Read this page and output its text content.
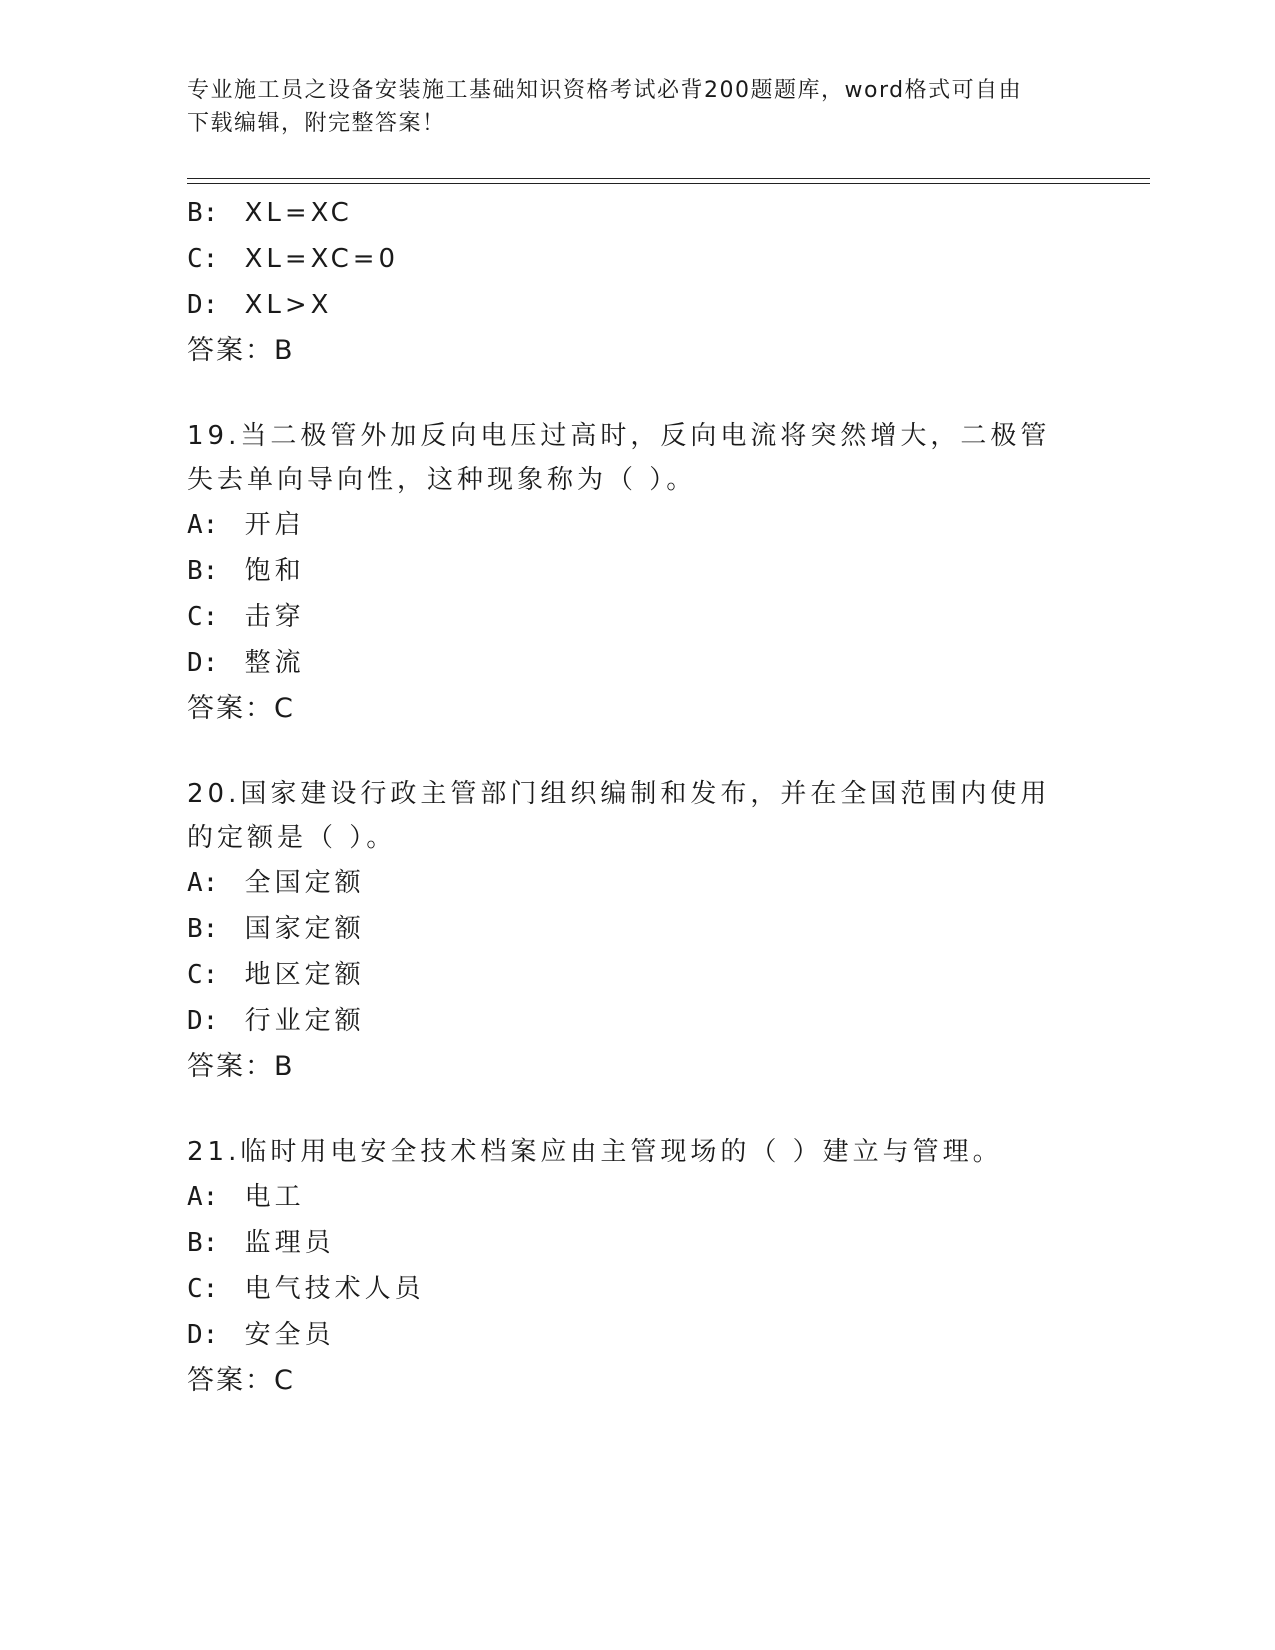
专业施工员之设备安装施工基础知识资格考试必背200题题库，word格式可自由
下载编辑，附完整答案！
B: XL=XC
C: XL=XC=0
D: XL>X
答案：B
19.当二极管外加反向电压过高时，反向电流将突然增大，二极管失去单向导向性，这种现象称为（ ）。
A: 开启
B: 饱和
C: 击穿
D: 整流
答案：C
20.国家建设行政主管部门组织编制和发布，并在全国范围内使用的定额是（ ）。
A: 全国定额
B: 国家定额
C: 地区定额
D: 行业定额
答案：B
21.临时用电安全技术档案应由主管现场的（ ）建立与管理。
A: 电工
B: 监理员
C: 电气技术人员
D: 安全员
答案：C
